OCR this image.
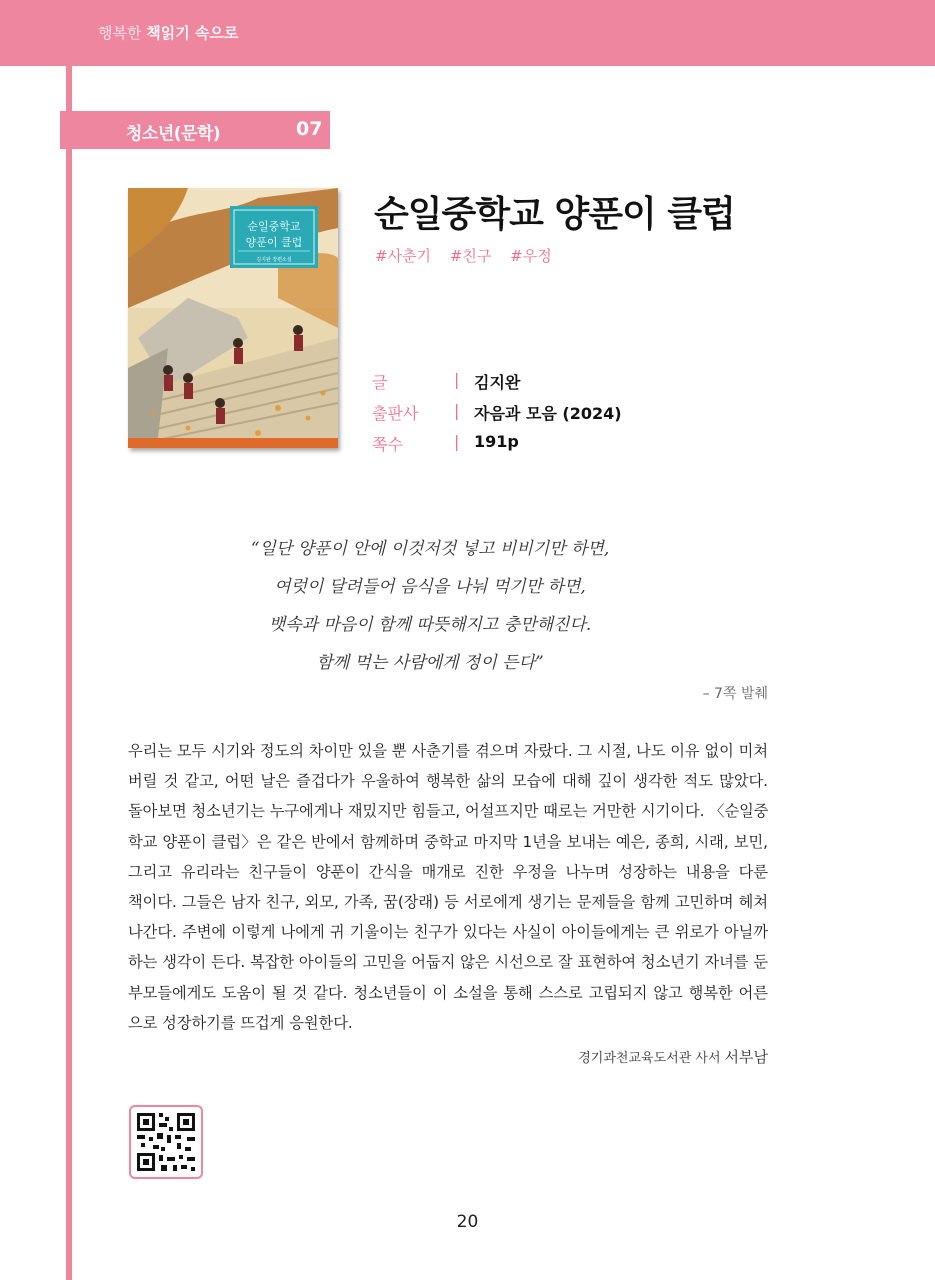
행복한 책읽기 속으로
청소년(문학)	07
순일중학교
양푼이 클럽
김지완 장편소설
순일중학교 양푼이 클럽
#사춘기 #친구 #우정
글	| 김지완
출판사 | 자음과 모음 (2024)
쪽수	| 191p
“일단 양푼이 안에 이것저것 넣고 비비기만 하면,
여럿이 달려들어 음식을 나눠 먹기만 하면,
뱃속과 마음이 함께 따뜻해지고 충만해진다.
함께 먹는 사람에게 정이 든다”
– 7쪽 발췌
우리는 모두 시기와 정도의 차이만 있을 뿐 사춘기를 겪으며 자랐다. 그 시절, 나도 이유 없이 미쳐
버릴 것 같고, 어떤 날은 즐겁다가 우울하여 행복한 삶의 모습에 대해 깊이 생각한 적도 많았다.
돌아보면 청소년기는 누구에게나 재밌지만 힘들고, 어설프지만 때로는 거만한 시기이다. 〈순일중
학교 양푼이 클럽〉은 같은 반에서 함께하며 중학교 마지막 1년을 보내는 예은, 종희, 시래, 보민,
그리고 유리라는 친구들이 양푼이 간식을 매개로 진한 우정을 나누며 성장하는 내용을 다룬
책이다. 그들은 남자 친구, 외모, 가족, 꿈(장래) 등 서로에게 생기는 문제들을 함께 고민하며 헤쳐
나간다. 주변에 이렇게 나에게 귀 기울이는 친구가 있다는 사실이 아이들에게는 큰 위로가 아닐까
하는 생각이 든다. 복잡한 아이들의 고민을 어둡지 않은 시선으로 잘 표현하여 청소년기 자녀를 둔
부모들에게도 도움이 될 것 같다. 청소년들이 이 소설을 통해 스스로 고립되지 않고 행복한 어른
으로 성장하기를 뜨겁게 응원한다.
경기과천교육도서관 사서 서부남
20
